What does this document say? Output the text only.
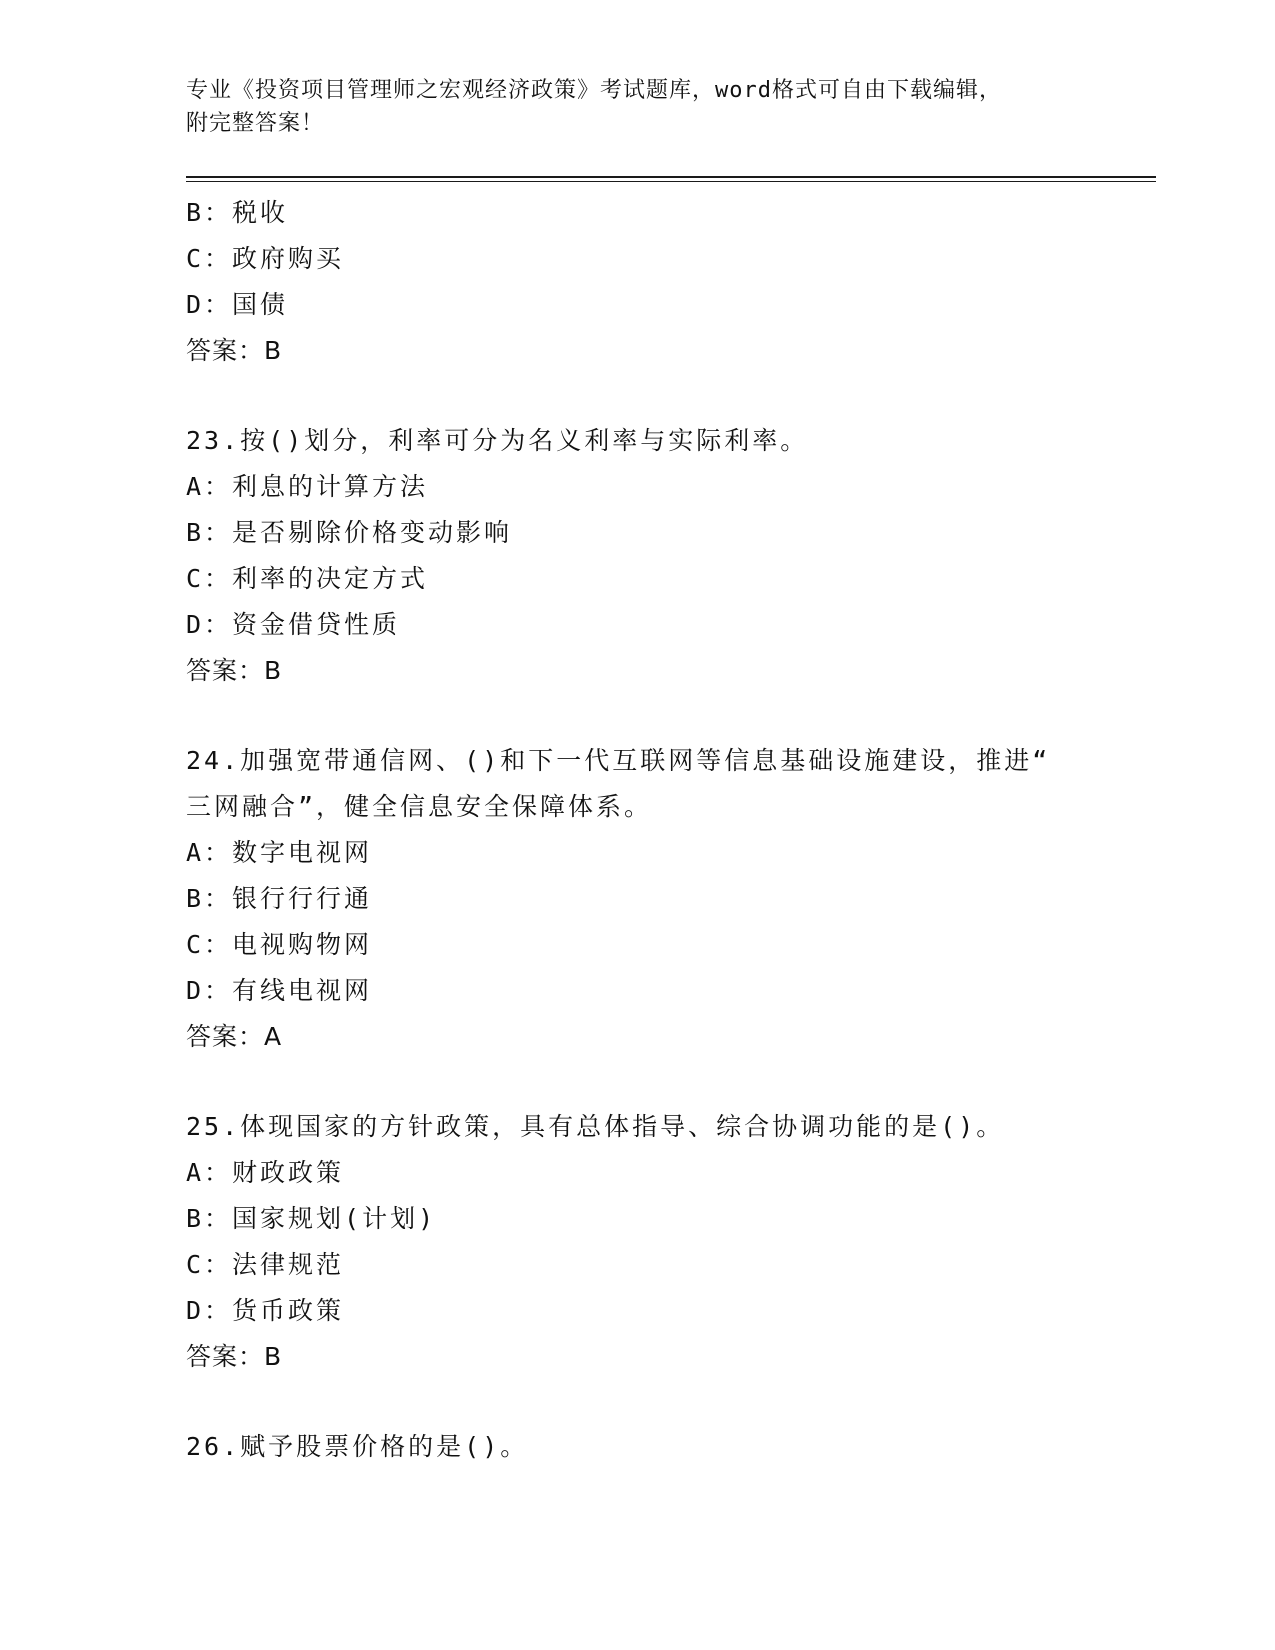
专业《投资项目管理师之宏观经济政策》考试题库，word格式可自由下载编辑，
附完整答案！
B：税收
C：政府购买
D：国债
答案：B
23.按()划分，利率可分为名义利率与实际利率。
A：利息的计算方法
B：是否剔除价格变动影响
C：利率的决定方式
D：资金借贷性质
答案：B
24.加强宽带通信网、()和下一代互联网等信息基础设施建设，推进“
三网融合”，健全信息安全保障体系。
A：数字电视网
B：银行行行通
C：电视购物网
D：有线电视网
答案：A
25.体现国家的方针政策，具有总体指导、综合协调功能的是()。
A：财政政策
B：国家规划(计划)
C：法律规范
D：货币政策
答案：B
26.赋予股票价格的是()。
